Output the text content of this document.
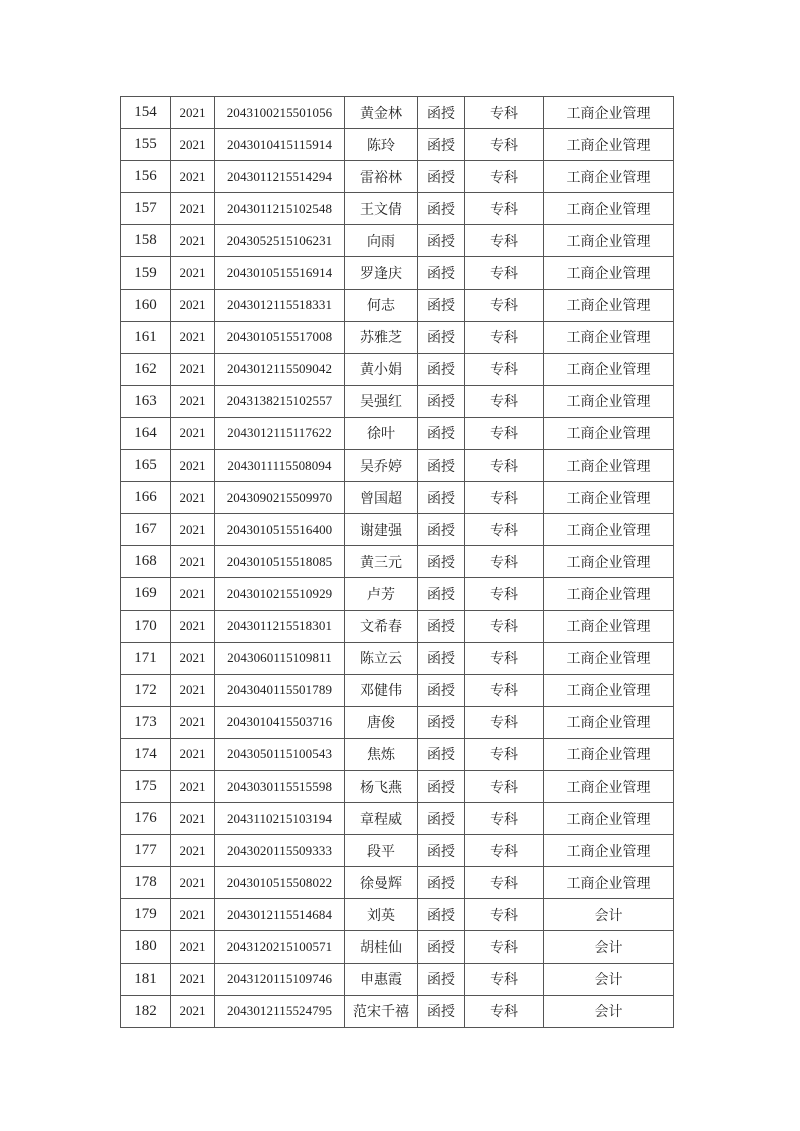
154	2021	2043100215501056	黄金林	函授	专科	工商企业管理
155	2021	2043010415115914	陈玲	函授	专科	工商企业管理
156	2021	2043011215514294	雷裕林	函授	专科	工商企业管理
157	2021	2043011215102548	王文倩	函授	专科	工商企业管理
158	2021	2043052515106231	向雨	函授	专科	工商企业管理
159	2021	2043010515516914	罗逢庆	函授	专科	工商企业管理
160	2021	2043012115518331	何志	函授	专科	工商企业管理
161	2021	2043010515517008	苏雅芝	函授	专科	工商企业管理
162	2021	2043012115509042	黄小娟	函授	专科	工商企业管理
163	2021	2043138215102557	吴强红	函授	专科	工商企业管理
164	2021	2043012115117622	徐叶	函授	专科	工商企业管理
165	2021	2043011115508094	吴乔婷	函授	专科	工商企业管理
166	2021	2043090215509970	曾国超	函授	专科	工商企业管理
167	2021	2043010515516400	谢建强	函授	专科	工商企业管理
168	2021	2043010515518085	黄三元	函授	专科	工商企业管理
169	2021	2043010215510929	卢芳	函授	专科	工商企业管理
170	2021	2043011215518301	文希春	函授	专科	工商企业管理
171	2021	2043060115109811	陈立云	函授	专科	工商企业管理
172	2021	2043040115501789	邓健伟	函授	专科	工商企业管理
173	2021	2043010415503716	唐俊	函授	专科	工商企业管理
174	2021	2043050115100543	焦炼	函授	专科	工商企业管理
175	2021	2043030115515598	杨飞燕	函授	专科	工商企业管理
176	2021	2043110215103194	章程威	函授	专科	工商企业管理
177	2021	2043020115509333	段平	函授	专科	工商企业管理
178	2021	2043010515508022	徐曼辉	函授	专科	工商企业管理
179	2021	2043012115514684	刘英	函授	专科	会计
180	2021	2043120215100571	胡桂仙	函授	专科	会计
181	2021	2043120115109746	申惠霞	函授	专科	会计
182	2021	2043012115524795	范宋千禧	函授	专科	会计
